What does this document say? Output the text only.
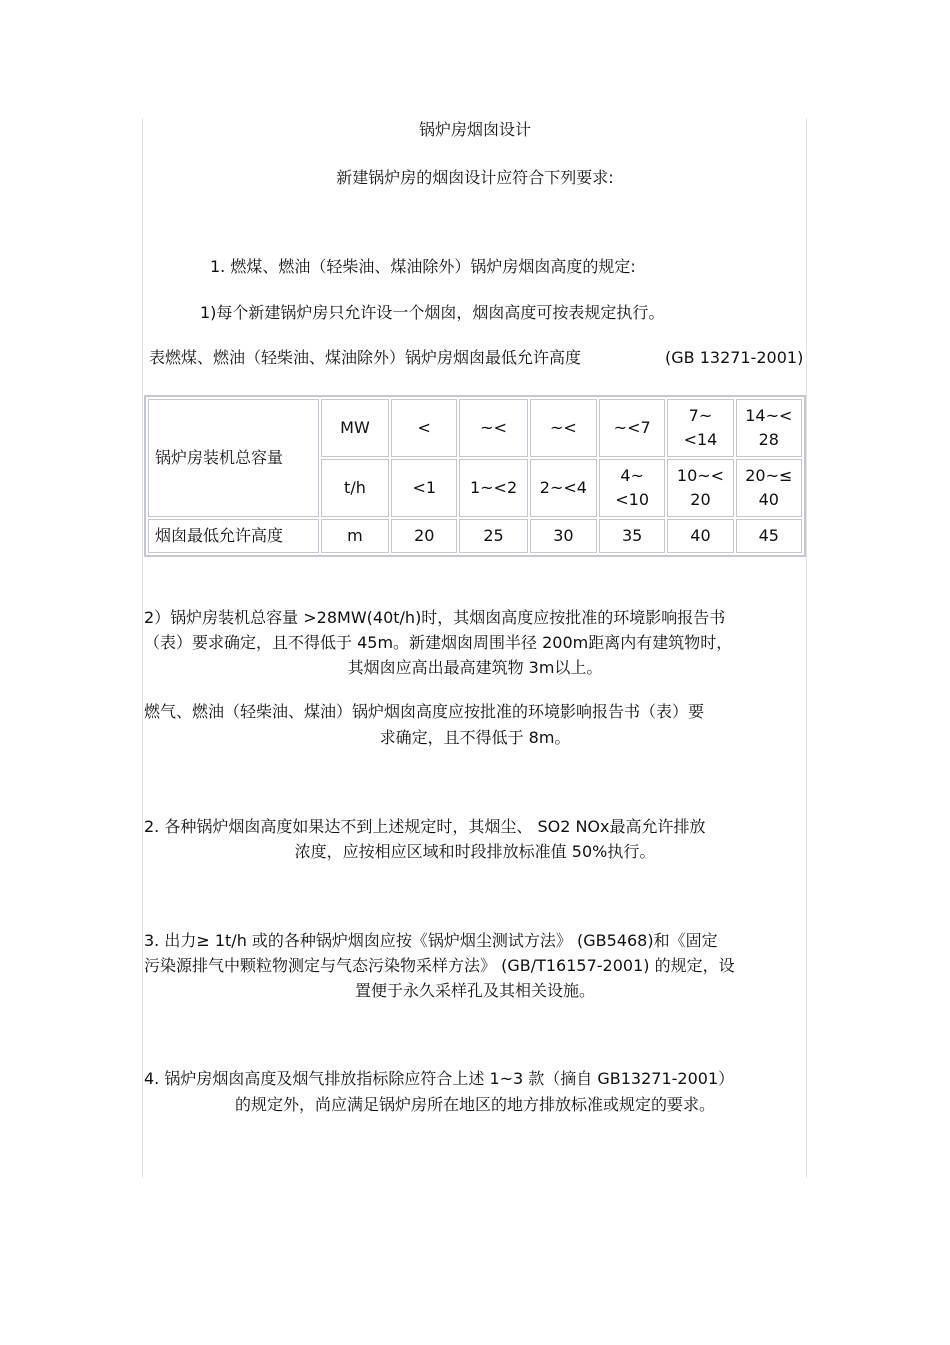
锅炉房烟囱设计
新建锅炉房的烟囱设计应符合下列要求:
1. 燃煤、燃油（轻柴油、煤油除外）锅炉房烟囱高度的规定:
1)每个新建锅炉房只允许设一个烟囱，烟囱高度可按表规定执行。
表燃煤、燃油（轻柴油、煤油除外）锅炉房烟囱最低允许高度	(GB 13271-2001)
锅炉房装机总容量	MW	<	~<	~<	~<7	7~<14	14~<28
	t/h	<1	1~<2	2~<4	4~<10	10~<20	20~≤40
烟囱最低允许高度	m	20	25	30	35	40	45
2）锅炉房装机总容量 >28MW(40t/h)时，其烟囱高度应按批准的环境影响报告书
（表）要求确定，且不得低于 45m。新建烟囱周围半径 200m距离内有建筑物时，
其烟囱应高出最高建筑物 3m以上。
燃气、燃油（轻柴油、煤油）锅炉烟囱高度应按批准的环境影响报告书（表）要
求确定，且不得低于 8m。
2. 各种锅炉烟囱高度如果达不到上述规定时，其烟尘、 SO2 NOx最高允许排放
浓度，应按相应区域和时段排放标准值 50%执行。
3. 出力≥ 1t/h 或的各种锅炉烟囱应按《锅炉烟尘测试方法》 (GB5468)和《固定
污染源排气中颗粒物测定与气态污染物采样方法》 (GB/T16157-2001) 的规定，设
置便于永久采样孔及其相关设施。
4. 锅炉房烟囱高度及烟气排放指标除应符合上述 1~3 款（摘自 GB13271-2001）
的规定外，尚应满足锅炉房所在地区的地方排放标准或规定的要求。
